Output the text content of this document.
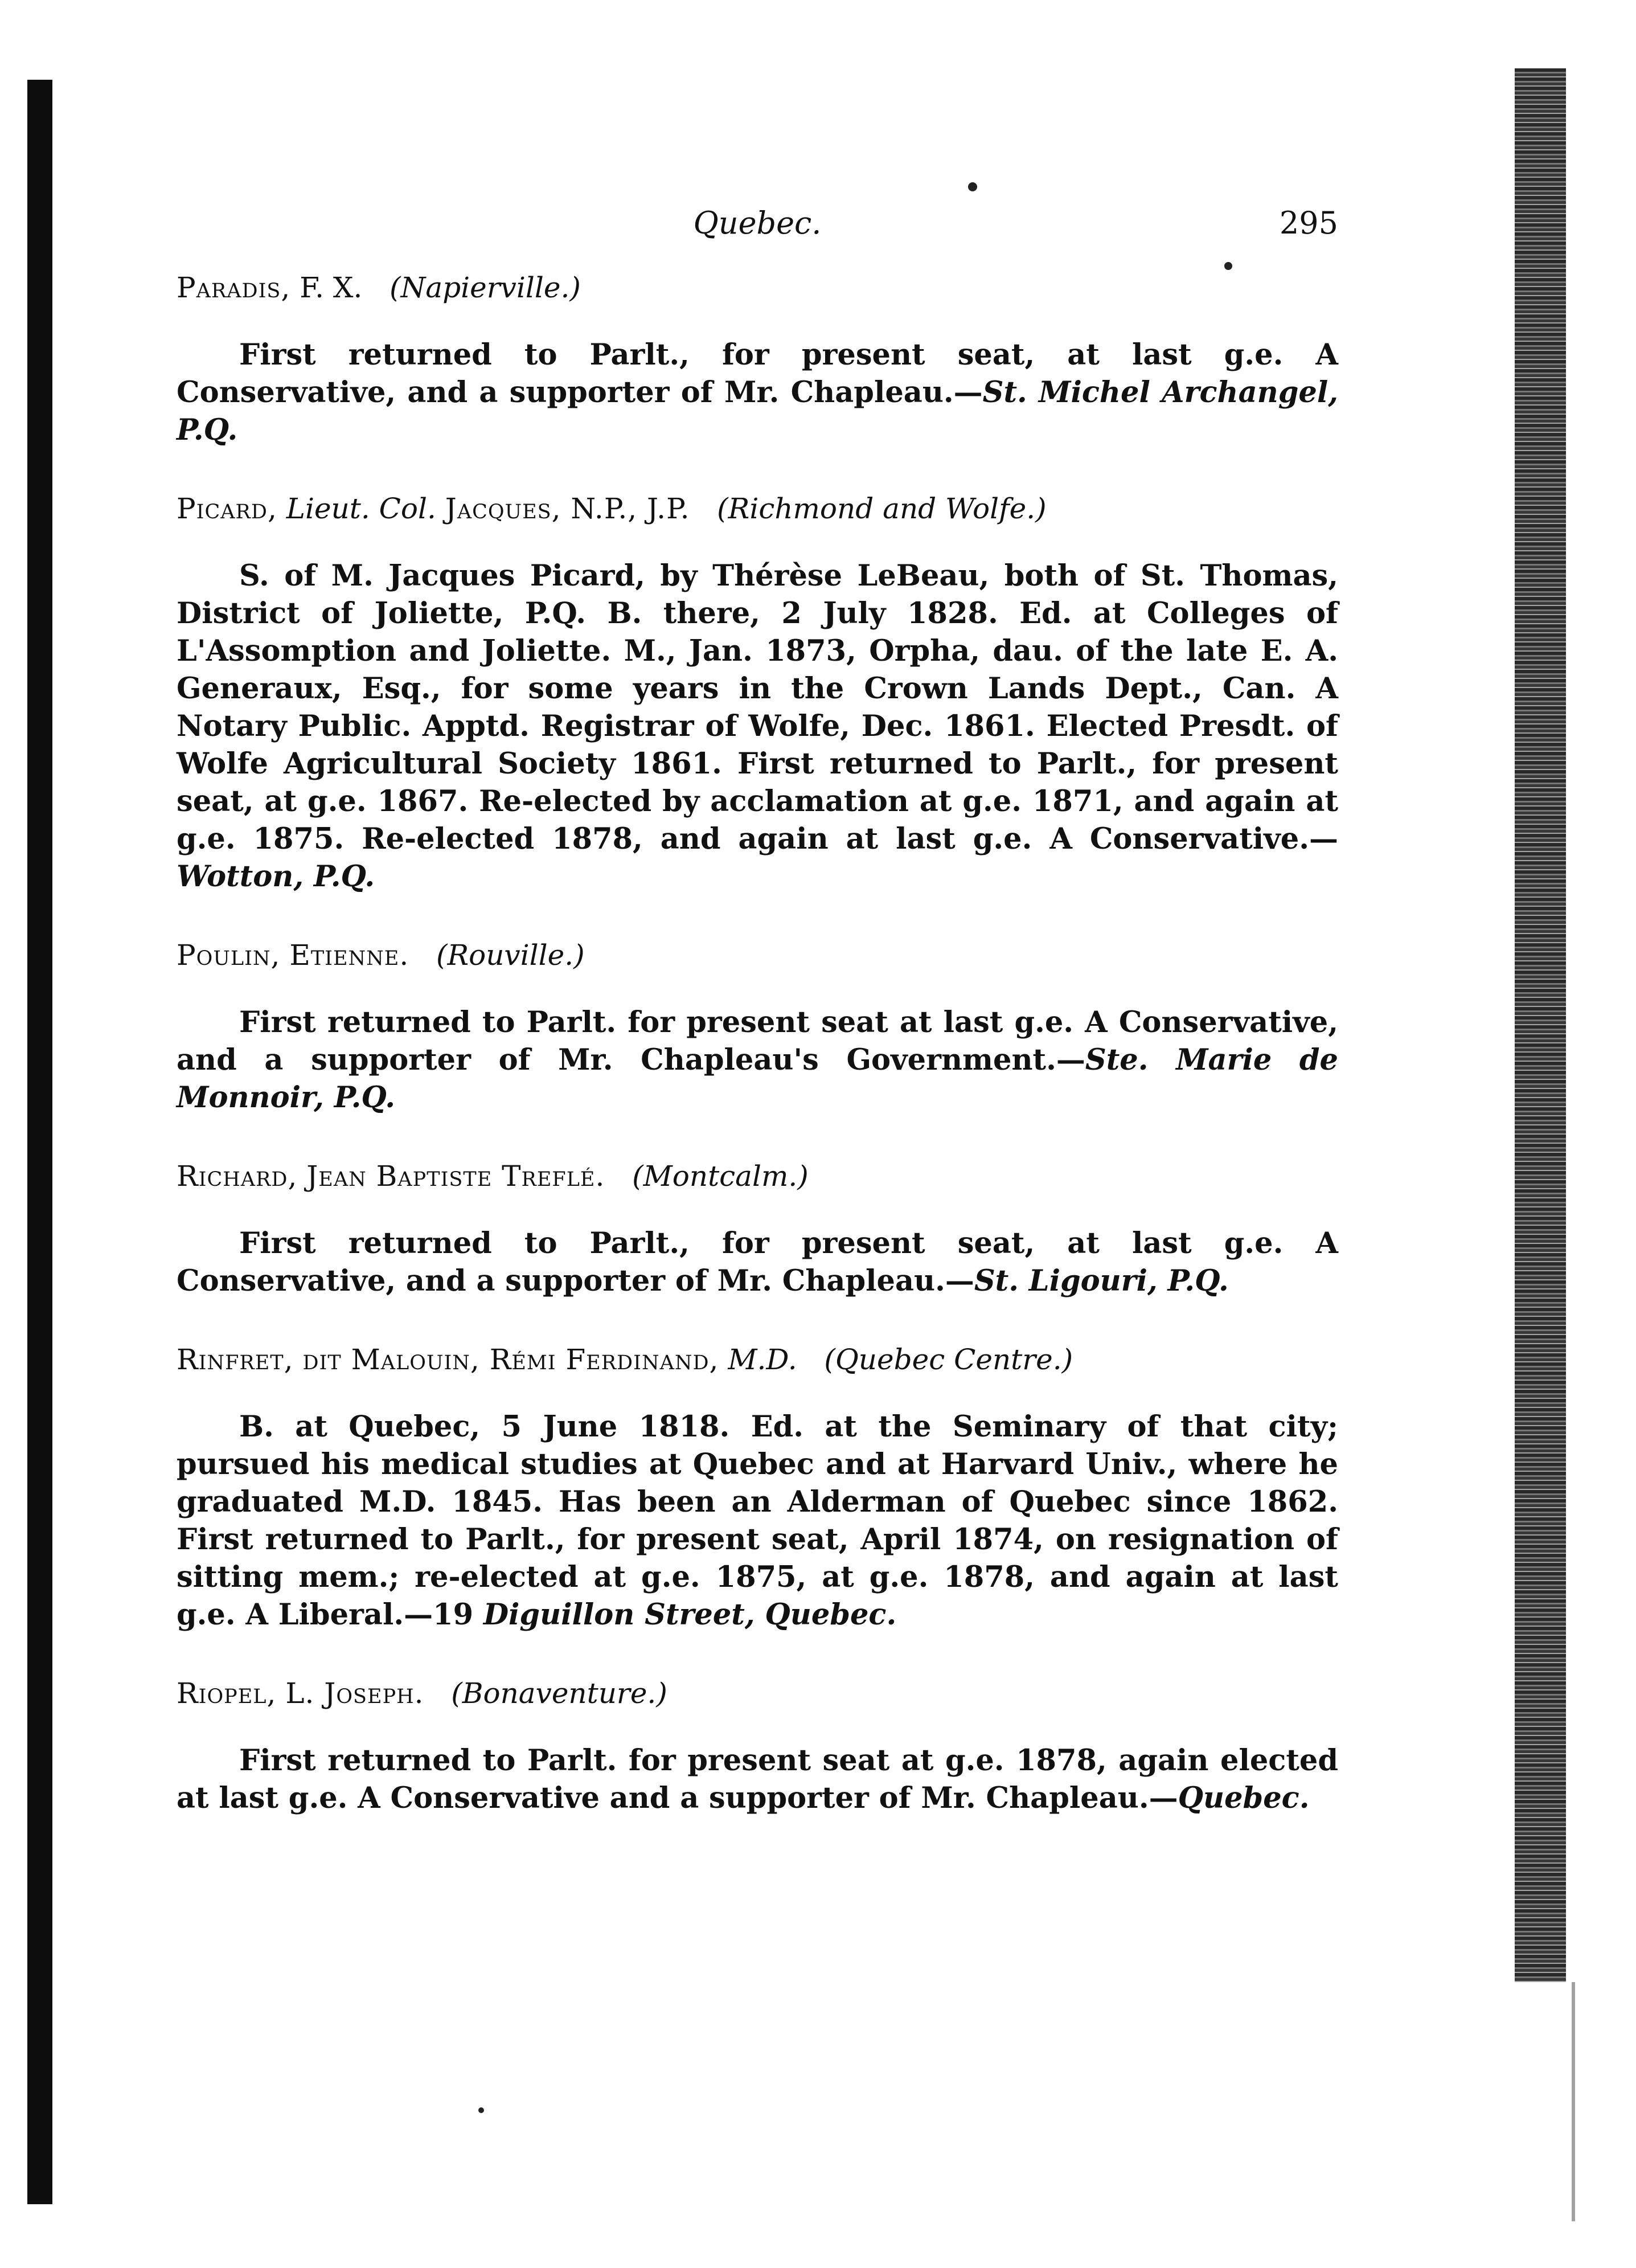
Quebec.	295
Paradis, F. X. (Napierville.)
First returned to Parlt., for present seat, at last g.e. A Conservative, and a supporter of Mr. Chapleau.—St. Michel Archangel, P.Q.
Picard, Lieut. Col. Jacques, N.P., J.P. (Richmond and Wolfe.)
S. of M. Jacques Picard, by Thérèse LeBeau, both of St. Thomas, District of Joliette, P.Q. B. there, 2 July 1828. Ed. at Colleges of L'Assomption and Joliette. M., Jan. 1873, Orpha, dau. of the late E. A. Generaux, Esq., for some years in the Crown Lands Dept., Can. A Notary Public. Apptd. Registrar of Wolfe, Dec. 1861. Elected Presdt. of Wolfe Agricultural Society 1861. First returned to Parlt., for present seat, at g.e. 1867. Re-elected by acclamation at g.e. 1871, and again at g.e. 1875. Re-elected 1878, and again at last g.e. A Conservative.—Wotton, P.Q.
Poulin, Etienne. (Rouville.)
First returned to Parlt. for present seat at last g.e. A Conservative, and a supporter of Mr. Chapleau's Government.—Ste. Marie de Monnoir, P.Q.
Richard, Jean Baptiste Treflé. (Montcalm.)
First returned to Parlt., for present seat, at last g.e. A Conservative, and a supporter of Mr. Chapleau.—St. Ligouri, P.Q.
Rinfret, dit Malouin, Rémi Ferdinand, M.D. (Quebec Centre.)
B. at Quebec, 5 June 1818. Ed. at the Seminary of that city; pursued his medical studies at Quebec and at Harvard Univ., where he graduated M.D. 1845. Has been an Alderman of Quebec since 1862. First returned to Parlt., for present seat, April 1874, on resignation of sitting mem.; re-elected at g.e. 1875, at g.e. 1878, and again at last g.e. A Liberal.—19 Diguillon Street, Quebec.
Riopel, L. Joseph. (Bonaventure.)
First returned to Parlt. for present seat at g.e. 1878, again elected at last g.e. A Conservative and a supporter of Mr. Chapleau.—Quebec.
